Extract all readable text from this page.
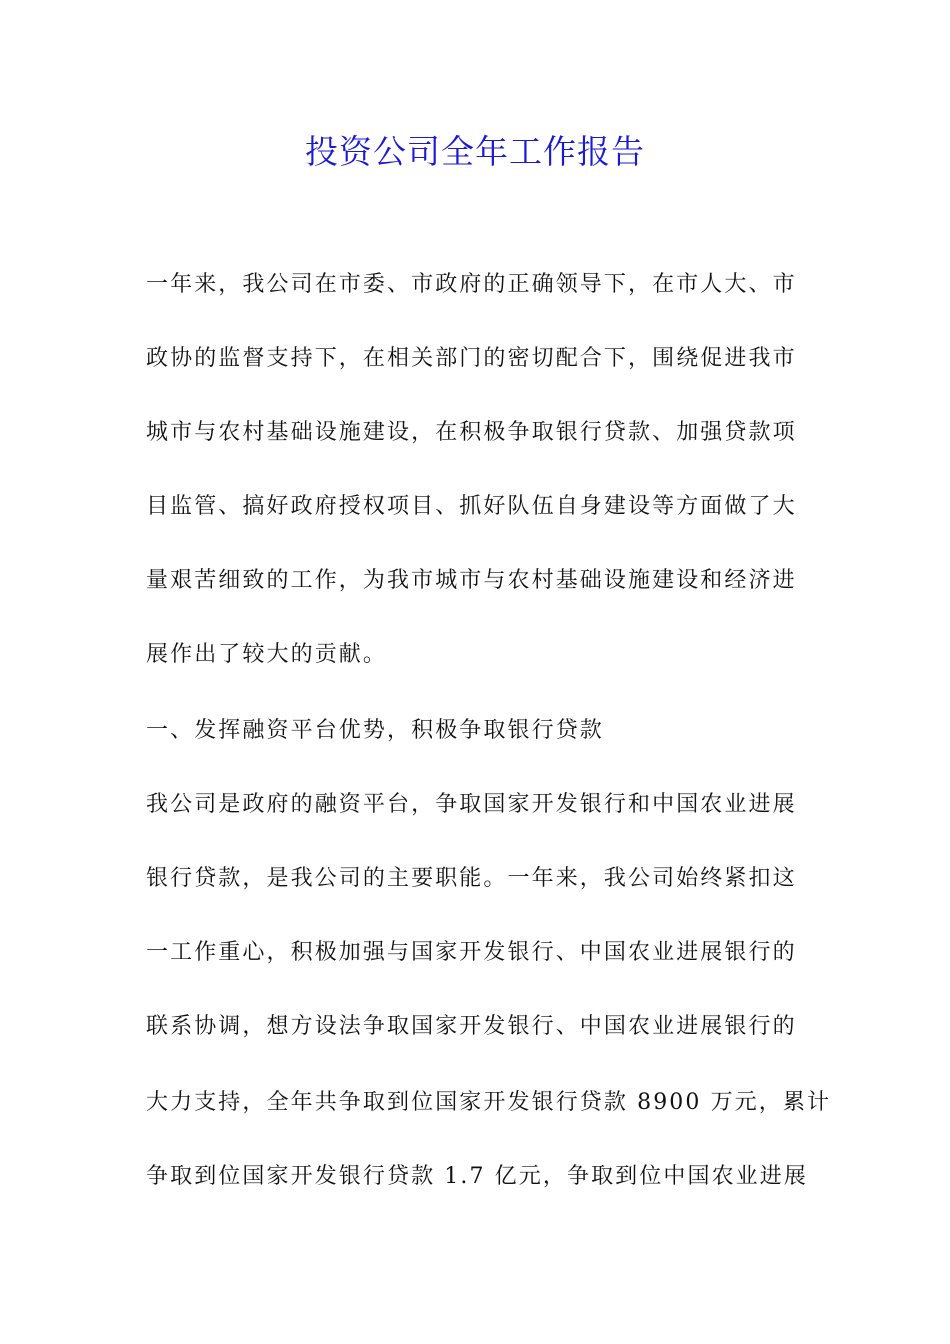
投资公司全年工作报告
一年来，我公司在市委、市政府的正确领导下，在市人大、市
政协的监督支持下，在相关部门的密切配合下，围绕促进我市
城市与农村基础设施建设，在积极争取银行贷款、加强贷款项
目监管、搞好政府授权项目、抓好队伍自身建设等方面做了大
量艰苦细致的工作，为我市城市与农村基础设施建设和经济进
展作出了较大的贡献。
一、发挥融资平台优势，积极争取银行贷款
我公司是政府的融资平台，争取国家开发银行和中国农业进展
银行贷款，是我公司的主要职能。一年来，我公司始终紧扣这
一工作重心，积极加强与国家开发银行、中国农业进展银行的
联系协调，想方设法争取国家开发银行、中国农业进展银行的
大力支持，全年共争取到位国家开发银行贷款 8900 万元，累计
争取到位国家开发银行贷款 1.7 亿元，争取到位中国农业进展
